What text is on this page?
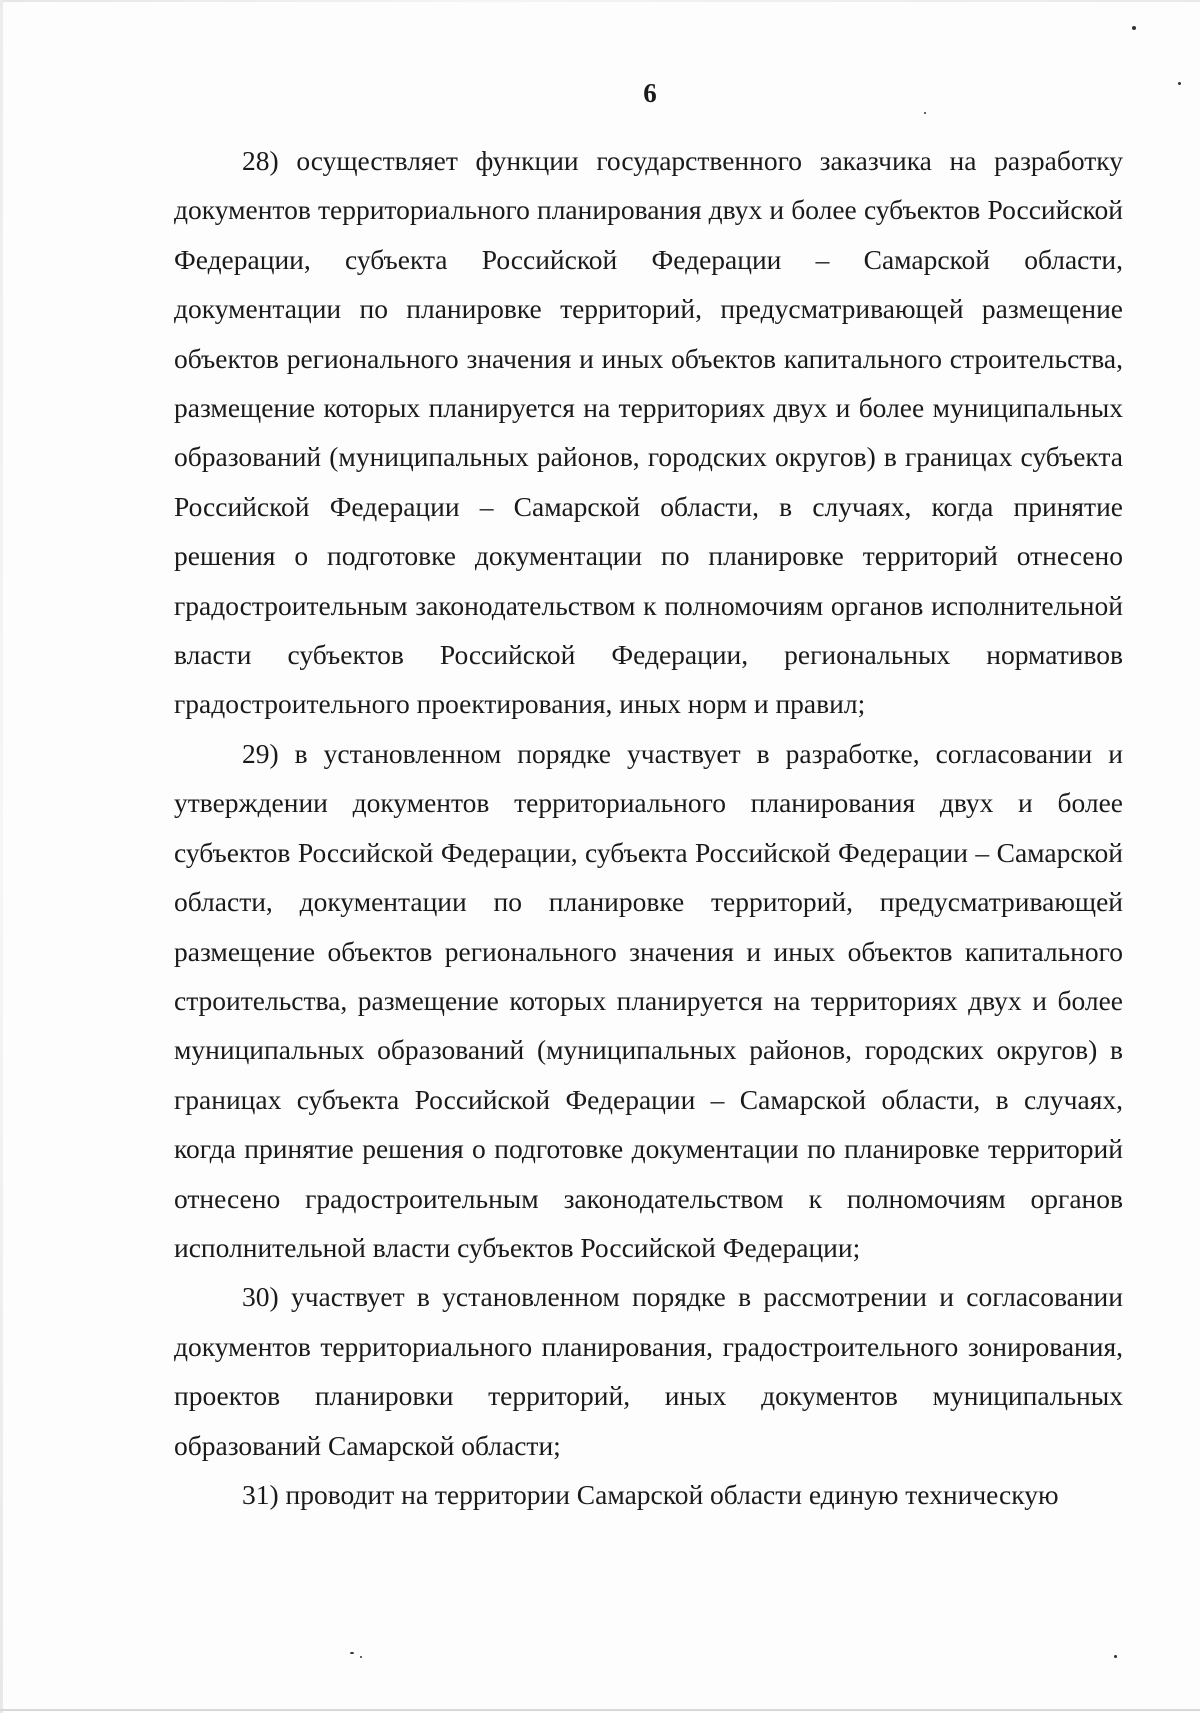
6

28) осуществляет функции государственного заказчика на разработку документов территориального планирования двух и более субъектов Российской Федерации, субъекта Российской Федерации – Самарской области, документации по планировке территорий, предусматривающей размещение объектов регионального значения и иных объектов капитального строительства, размещение которых планируется на территориях двух и более муниципальных образований (муниципальных районов, городских округов) в границах субъекта Российской Федерации – Самарской области, в случаях, когда принятие решения о подготовке документации по планировке территорий отнесено градостроительным законодательством к полномочиям органов исполнительной власти субъектов Российской Федерации, региональных нормативов градостроительного проектирования, иных норм и правил;

29) в установленном порядке участвует в разработке, согласовании и утверждении документов территориального планирования двух и более субъектов Российской Федерации, субъекта Российской Федерации – Самарской области, документации по планировке территорий, предусматривающей размещение объектов регионального значения и иных объектов капитального строительства, размещение которых планируется на территориях двух и более муниципальных образований (муниципальных районов, городских округов) в границах субъекта Российской Федерации – Самарской области, в случаях, когда принятие решения о подготовке документации по планировке территорий отнесено градостроительным законодательством к полномочиям органов исполнительной власти субъектов Российской Федерации;

30) участвует в установленном порядке в рассмотрении и согласовании документов территориального планирования, градостроительного зонирования, проектов планировки территорий, иных документов муниципальных образований Самарской области;

31) проводит на территории Самарской области единую техническую
